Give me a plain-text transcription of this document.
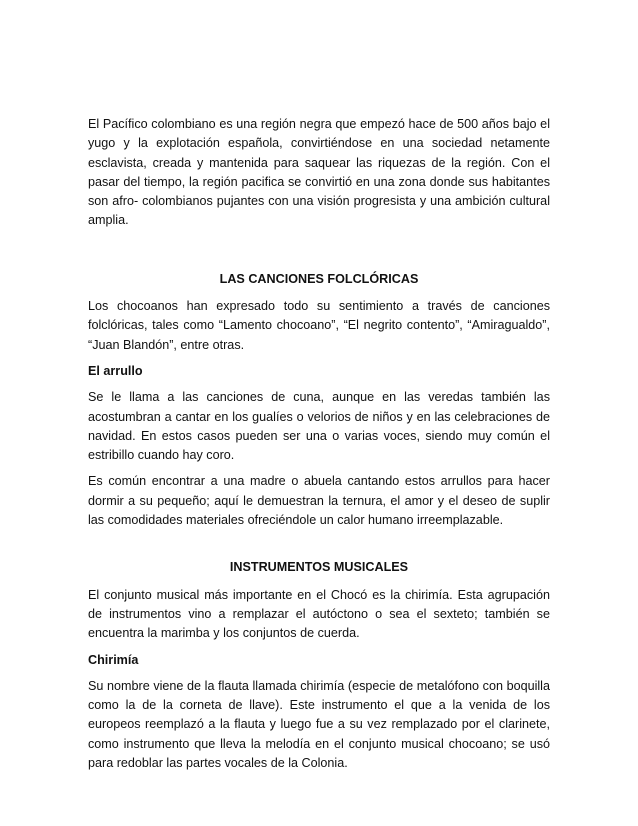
El Pacífico colombiano es una región negra que empezó hace de 500 años bajo el yugo y la explotación española, convirtiéndose en una sociedad netamente esclavista, creada y mantenida para saquear las riquezas de la región. Con el pasar del tiempo, la región pacifica se convirtió en una zona donde sus habitantes son afro- colombianos pujantes con una visión progresista y una ambición cultural amplia.

LAS CANCIONES FOLCLÓRICAS

Los chocoanos han expresado todo su sentimiento a través de canciones folclóricas, tales como “Lamento chocoano”, “El negrito contento”, “Amiragualdo”, “Juan Blandón”, entre otras.

El arrullo

Se le llama a las canciones de cuna, aunque en las veredas también las acostumbran a cantar en los gualíes o velorios de niños y en las celebraciones de navidad. En estos casos pueden ser una o varias voces, siendo muy común el estribillo cuando hay coro.

Es común encontrar a una madre o abuela cantando estos arrullos para hacer dormir a su pequeño; aquí le demuestran la ternura, el amor y el deseo de suplir las comodidades materiales ofreciéndole un calor humano irreemplazable.

INSTRUMENTOS MUSICALES

El conjunto musical más importante en el Chocó es la chirimía. Esta agrupación de instrumentos vino a remplazar el autóctono o sea el sexteto; también se encuentra la marimba y los conjuntos de cuerda.

Chirimía

Su nombre viene de la flauta llamada chirimía (especie de metalófono con boquilla como la de la corneta de llave). Este instrumento el que a la venida de los europeos reemplazó a la flauta y luego fue a su vez remplazado por el clarinete, como instrumento que lleva la melodía en el conjunto musical chocoano; se usó para redoblar las partes vocales de la Colonia.
